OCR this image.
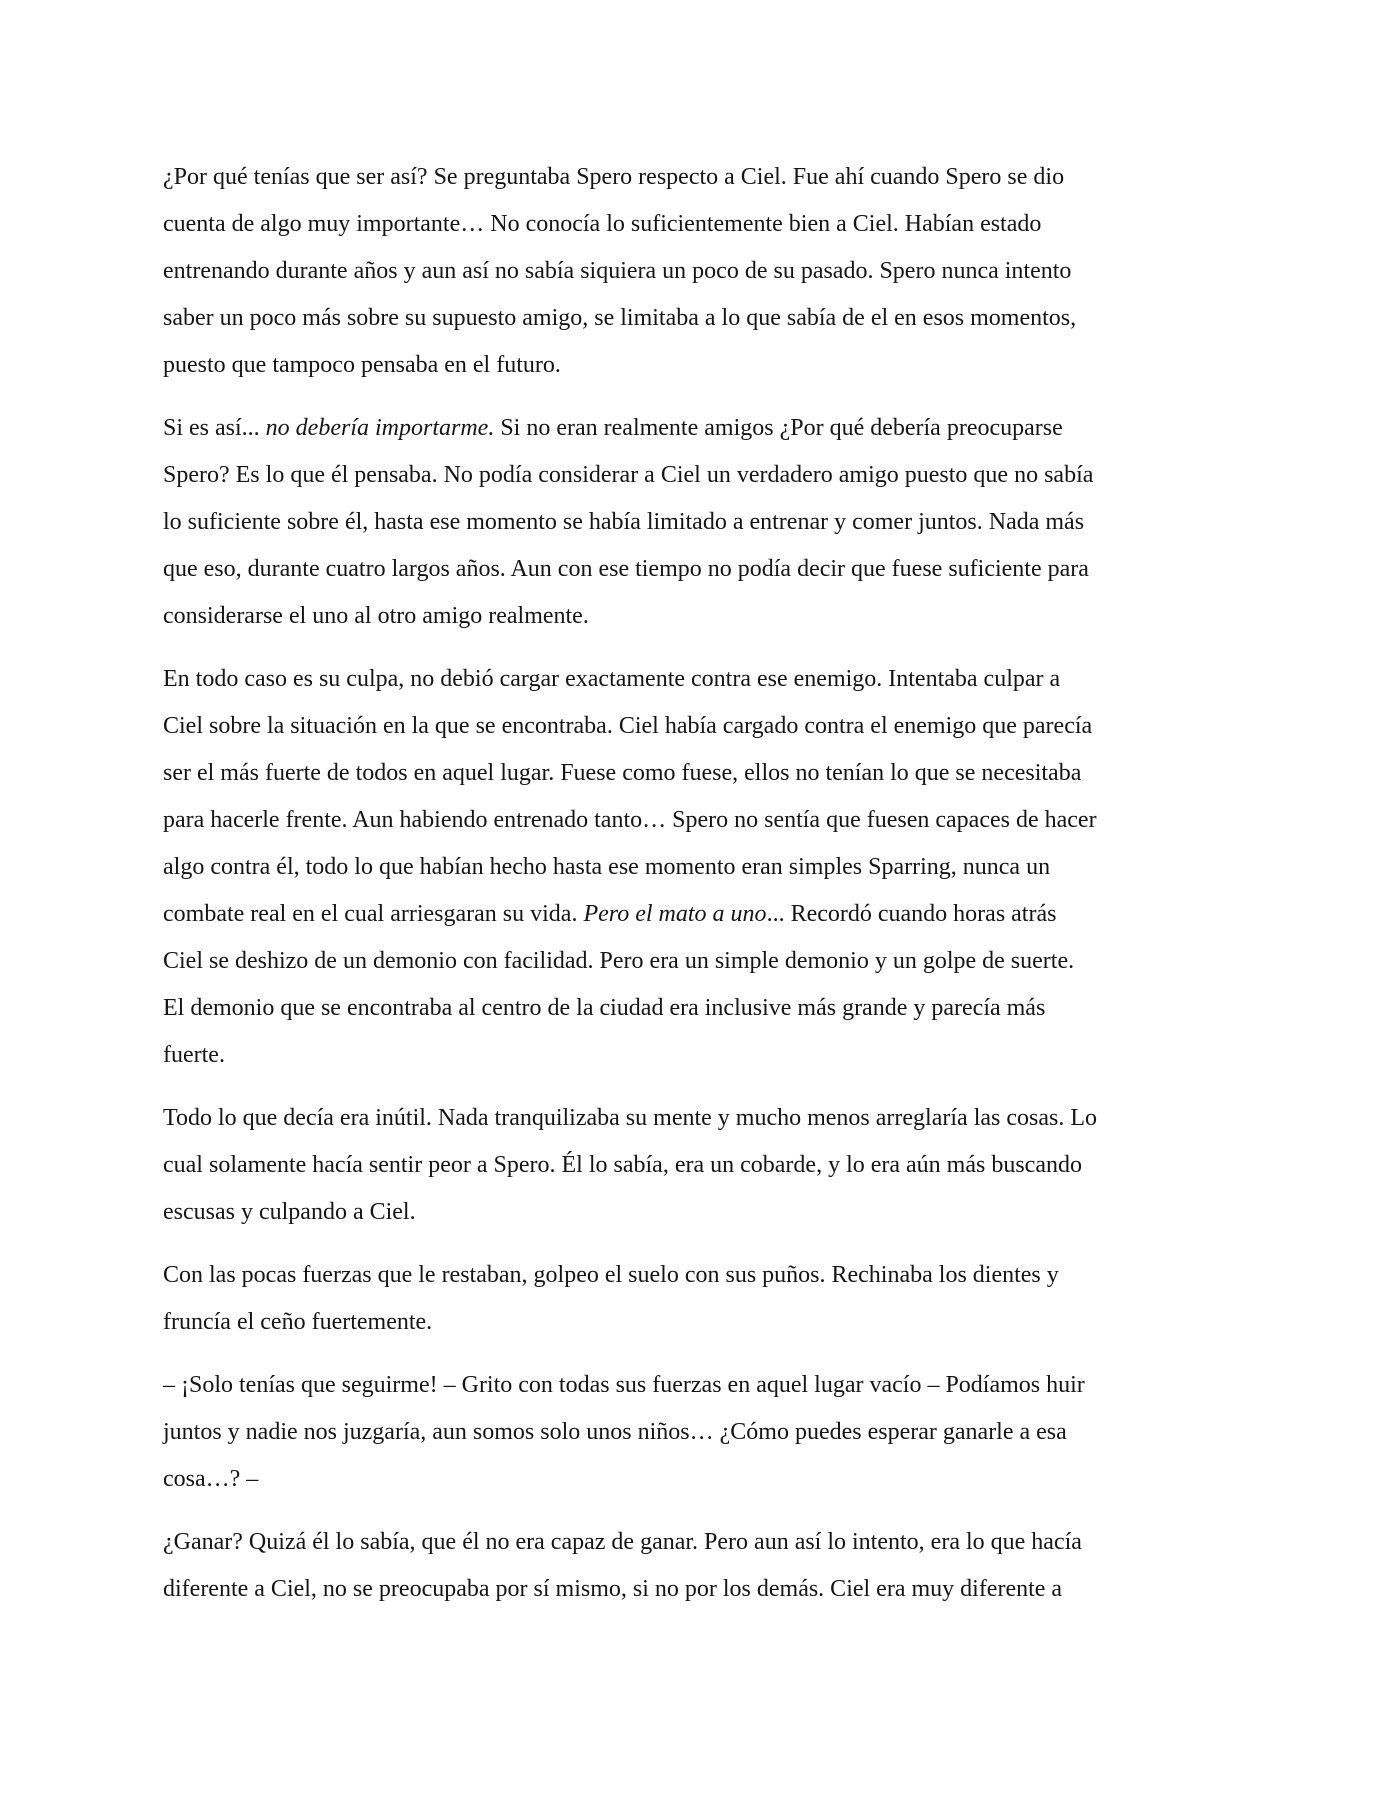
¿Por qué tenías que ser así? Se preguntaba Spero respecto a Ciel. Fue ahí cuando Spero se dio
cuenta de algo muy importante… No conocía lo suficientemente bien a Ciel. Habían estado
entrenando durante años y aun así no sabía siquiera un poco de su pasado. Spero nunca intento
saber un poco más sobre su supuesto amigo, se limitaba a lo que sabía de el en esos momentos,
puesto que tampoco pensaba en el futuro.

Si es así... no debería importarme. Si no eran realmente amigos ¿Por qué debería preocuparse
Spero? Es lo que él pensaba. No podía considerar a Ciel un verdadero amigo puesto que no sabía
lo suficiente sobre él, hasta ese momento se había limitado a entrenar y comer juntos. Nada más
que eso, durante cuatro largos años. Aun con ese tiempo no podía decir que fuese suficiente para
considerarse el uno al otro amigo realmente.

En todo caso es su culpa, no debió cargar exactamente contra ese enemigo. Intentaba culpar a
Ciel sobre la situación en la que se encontraba. Ciel había cargado contra el enemigo que parecía
ser el más fuerte de todos en aquel lugar. Fuese como fuese, ellos no tenían lo que se necesitaba
para hacerle frente. Aun habiendo entrenado tanto… Spero no sentía que fuesen capaces de hacer
algo contra él, todo lo que habían hecho hasta ese momento eran simples Sparring, nunca un
combate real en el cual arriesgaran su vida. Pero el mato a uno... Recordó cuando horas atrás
Ciel se deshizo de un demonio con facilidad. Pero era un simple demonio y un golpe de suerte.
El demonio que se encontraba al centro de la ciudad era inclusive más grande y parecía más
fuerte.

Todo lo que decía era inútil. Nada tranquilizaba su mente y mucho menos arreglaría las cosas. Lo
cual solamente hacía sentir peor a Spero. Él lo sabía, era un cobarde, y lo era aún más buscando
escusas y culpando a Ciel.

Con las pocas fuerzas que le restaban, golpeo el suelo con sus puños. Rechinaba los dientes y
fruncía el ceño fuertemente.

– ¡Solo tenías que seguirme! – Grito con todas sus fuerzas en aquel lugar vacío – Podíamos huir
juntos y nadie nos juzgaría, aun somos solo unos niños… ¿Cómo puedes esperar ganarle a esa
cosa…? –

¿Ganar? Quizá él lo sabía, que él no era capaz de ganar. Pero aun así lo intento, era lo que hacía
diferente a Ciel, no se preocupaba por sí mismo, si no por los demás. Ciel era muy diferente a
